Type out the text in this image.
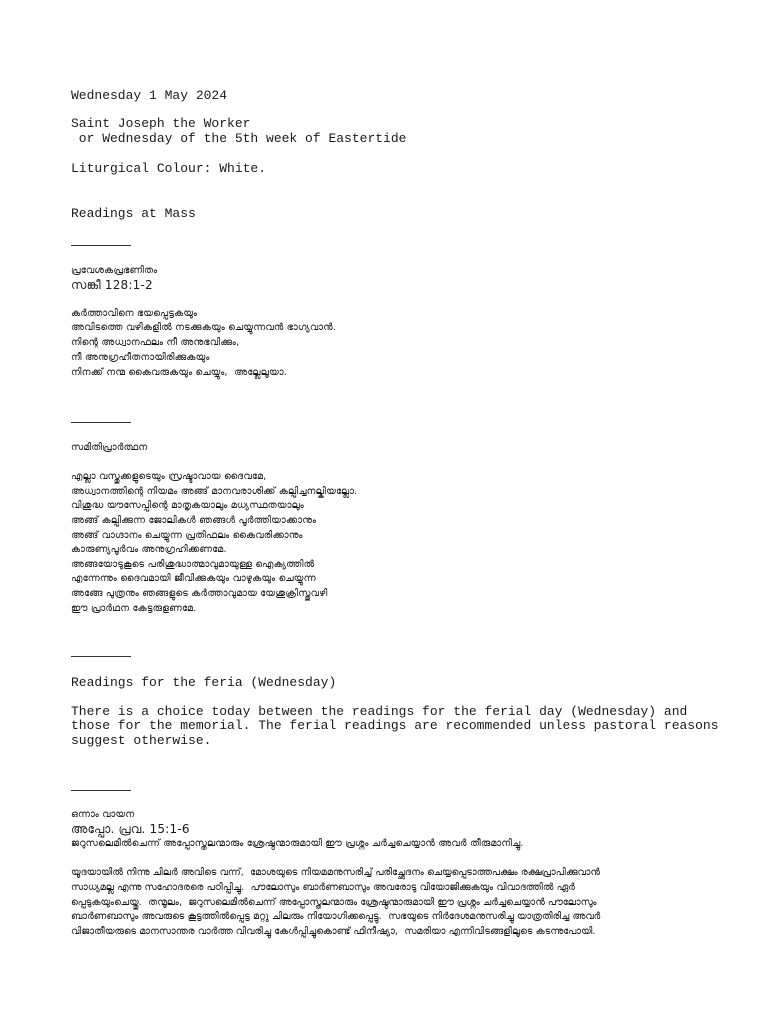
Wednesday 1 May 2024
Saint Joseph the Worker
or Wednesday of the 5th week of Eastertide
Liturgical Colour: White.
Readings at Mass
പ്രവേശകപ്രഭണിതം
സങ്കീ 128:1-2
കർത്താവിനെ ഭയപ്പെട്ടകയും
അവിടത്തെ വഴികളിൽ നടക്കുകയും ചെയ്യുന്നവൻ ഭാഗ്യവാൻ.
നിന്റെ അധ്വാനഫലം നീ അനുഭവിക്കും,
നീ അനുഗ്രഹീതനായിരിക്കുകയും
നിനക്ക് നന്മ കൈവരുകയും ചെയ്യും,  അല്ലേലൂയാ.
സമിതിപ്രാർത്ഥന
എല്ലാ വസ്തുക്കളുടെയും സ്രഷ്ടാവായ ദൈവമേ,
അധ്വാനത്തിന്റെ നിയമം അങ്ങ് മാനവരാശിക്ക് കല്പിച്ചനല്കിയല്ലോ.
വിശുദ്ധ യൗസേപ്പിന്റെ മാതൃകയാലും മധ്യസ്ഥതയാലും
അങ്ങ് കല്പിക്കുന്ന ജോലികൾ ഞങ്ങൾ പൂർത്തിയാക്കാനും
അങ്ങ് വാഗ്ദാനം ചെയ്യുന്ന പ്രതിഫലം കൈവരിക്കാനും
കാരുണ്യപൂർവം അനുഗ്രഹിക്കണമേ.
അങ്ങയോടുകൂടെ പരിശുദ്ധാത്മാവുമായുള്ള ഐക്യത്തിൽ
എന്നേന്നും ദൈവമായി ജീവിക്കുകയും വാഴുകയും ചെയ്യുന്ന
അങ്ങേ പുത്രനും ഞങ്ങളുടെ കർത്താവുമായ യേശുക്രിസ്തുവഴി
ഈ പ്രാർഥന കേട്ടരുളണമേ.
Readings for the feria (Wednesday)
There is a choice today between the readings for the ferial day (Wednesday) and
those for the memorial. The ferial readings are recommended unless pastoral reasons
suggest otherwise.
ഒന്നാം വായന
അപ്പോ. പ്രവ. 15:1-6
ജറുസലെമിൽചെന്ന് അപ്പോസ്തലന്മാരും ശ്രേഷ്ഠന്മാരുമായി ഈ പ്രശ്നം ചർച്ചചെയ്യാൻ അവർ തീരുമാനിച്ചു.
യൂദയായിൽ നിന്നു ചിലർ അവിടെ വന്ന്,  മോശയുടെ നിയമമനുസരിച്ച് പരിച്ഛേദനം ചെയ്യപ്പെടാത്തപക്ഷം രക്ഷപ്രാപിക്കുവാൻ
സാധ്യമല്ല എന്നു സഹോദരരെ പഠിപ്പിച്ചു.  പൗലോസും ബാർണബാസും അവരോടു വിയോജിക്കുകയും വിവാദത്തിൽ ഏർ
പ്പെടുകയുംചെയ്തു.  തന്മൂലം,  ജറുസലെമിൽചെന്ന് അപ്പോസ്തലന്മാരും ശ്രേഷ്ഠന്മാരുമായി ഈ പ്രശ്നം ചർച്ചചെയ്യാൻ പൗലോസും
ബാർണബാസും അവരുടെ കൂട്ടത്തിൽപ്പെട്ട മറ്റു ചിലരും നിയോഗിക്കപ്പെട്ടു.  സഭയുടെ നിർദേശമനുസരിച്ചു യാത്രതിരിച്ച അവർ
വിജാതീയരുടെ മാനസാന്തര വാർത്ത വിവരിച്ചു കേൾപ്പിച്ചുകൊണ്ട് ഫിനീഷ്യാ,  സമരിയാ എന്നിവിടങ്ങളിലൂടെ കടന്നുപോയി.
